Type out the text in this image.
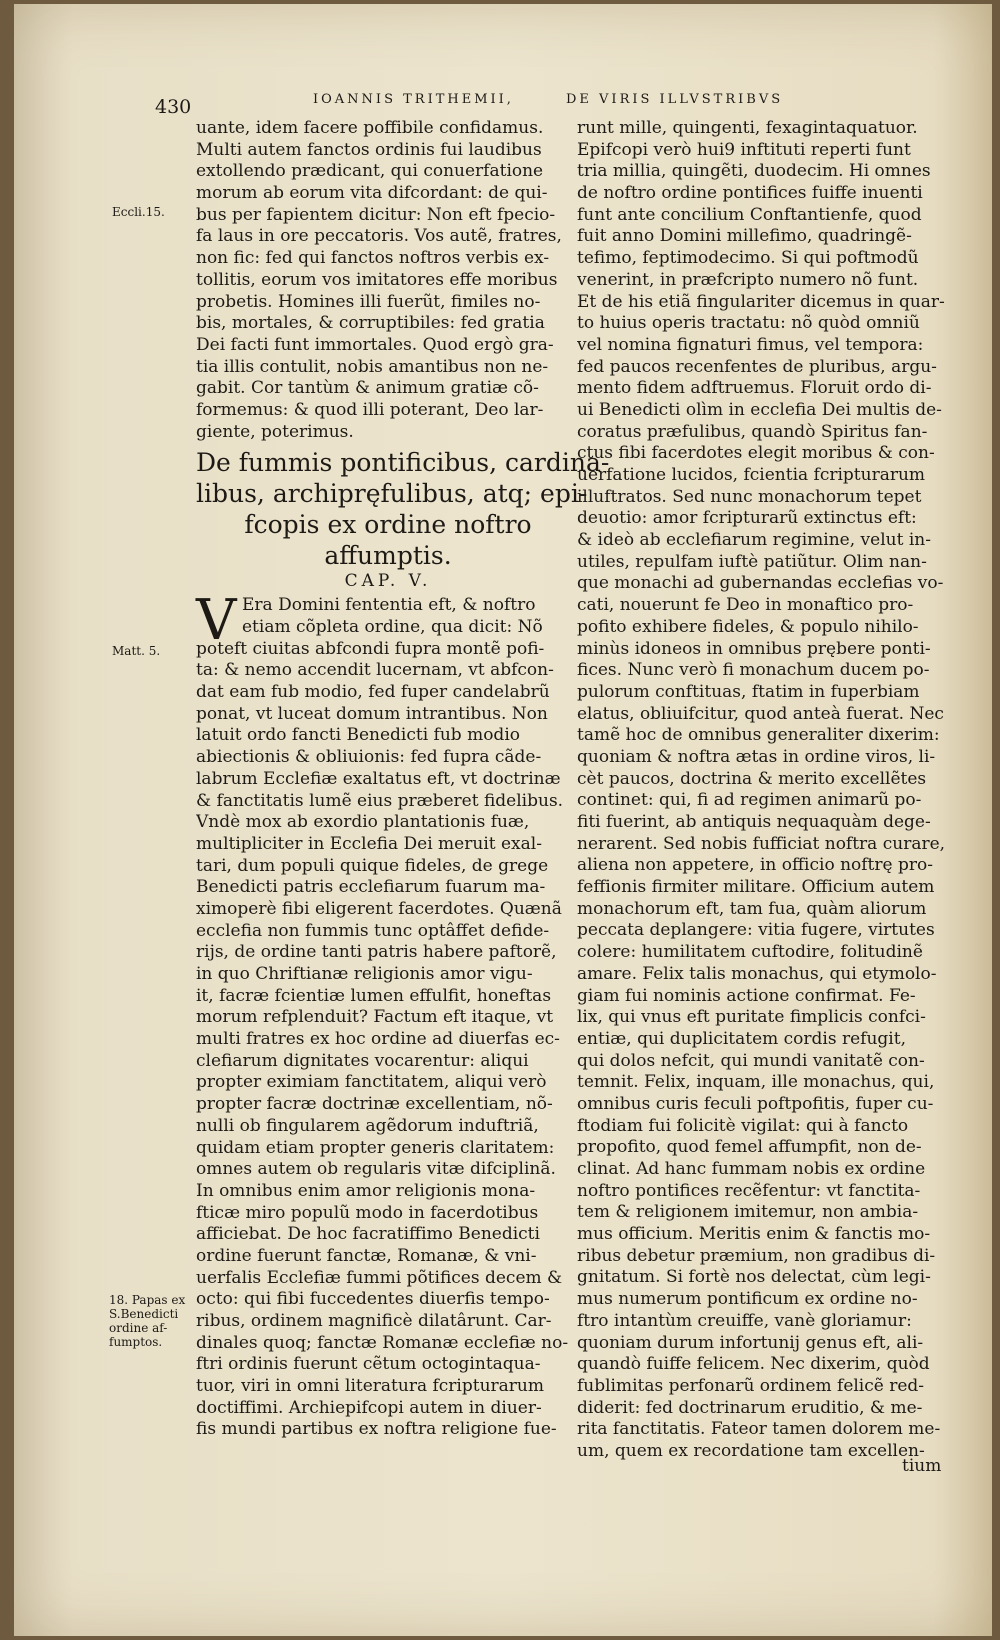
430	IOANNIS TRITHEMII,	DE VIRIS ILLVSTRIBVS
Eccli.15.
Matt. 5.
18. Papas ex
S.Benedicti
ordine af-
fumptos.
uante, idem facere poffibile confidamus.
Multi autem fanctos ordinis fui laudibus
extollendo prædicant, qui conuerfatione
morum ab eorum vita difcordant: de qui-
bus per fapientem dicitur: Non eft fpecio-
fa laus in ore peccatoris. Vos autẽ, fratres,
non fic: fed qui fanctos noftros verbis ex-
tollitis, eorum vos imitatores effe moribus
probetis. Homines illi fuerũt, fimiles no-
bis, mortales, & corruptibiles: fed gratia
Dei facti funt immortales. Quod ergò gra-
tia illis contulit, nobis amantibus non ne-
gabit. Cor tantùm & animum gratiæ cõ-
formemus: & quod illi poterant, Deo lar-
giente, poterimus.
De fummis pontificibus, cardina-
libus, archipręfulibus, atq; epi-
fcopis ex ordine noftro
affumptis.
CAP. V.
V Era Domini fententia eft, & noftro
etiam cõpleta ordine, qua dicit: Nõ
poteft ciuitas abfcondi fupra montẽ pofi-
ta: & nemo accendit lucernam, vt abfcon-
dat eam fub modio, fed fuper candelabrũ
ponat, vt luceat domum intrantibus. Non
latuit ordo fancti Benedicti fub modio
abiectionis & obliuionis: fed fupra cãde-
labrum Ecclefiæ exaltatus eft, vt doctrinæ
& fanctitatis lumẽ eius præberet fidelibus.
Vndè mox ab exordio plantationis fuæ,
multipliciter in Ecclefia Dei meruit exal-
tari, dum populi quique fideles, de grege
Benedicti patris ecclefiarum fuarum ma-
ximoperè fibi eligerent facerdotes. Quænã
ecclefia non fummis tunc optâffet defide-
rijs, de ordine tanti patris habere paftorẽ,
in quo Chriftianæ religionis amor vigu-
it, facræ fcientiæ lumen effulfit, honeftas
morum refplenduit? Factum eft itaque, vt
multi fratres ex hoc ordine ad diuerfas ec-
clefiarum dignitates vocarentur: aliqui
propter eximiam fanctitatem, aliqui verò
propter facræ doctrinæ excellentiam, nõ-
nulli ob fingularem agẽdorum induftriã,
quidam etiam propter generis claritatem:
omnes autem ob regularis vitæ difciplinã.
In omnibus enim amor religionis mona-
fticæ miro populũ modo in facerdotibus
afficiebat. De hoc facratiffimo Benedicti
ordine fuerunt fanctæ, Romanæ, & vni-
uerfalis Ecclefiæ fummi põtifices decem &
octo: qui fibi fuccedentes diuerfis tempo-
ribus, ordinem magnificè dilatârunt. Car-
dinales quoq; fanctæ Romanæ ecclefiæ no-
ftri ordinis fuerunt cẽtum octogintaqua-
tuor, viri in omni literatura fcripturarum
doctiffimi. Archiepifcopi autem in diuer-
fis mundi partibus ex noftra religione fue-
runt mille, quingenti, fexagintaquatuor.
Epifcopi verò hui9 inftituti reperti funt
tria millia, quingẽti, duodecim. Hi omnes
de noftro ordine pontifices fuiffe inuenti
funt ante concilium Conftantienfe, quod
fuit anno Domini millefimo, quadringẽ-
tefimo, feptimodecimo. Si qui poftmodũ
venerint, in præfcripto numero nõ funt.
Et de his etiã fingulariter dicemus in quar-
to huius operis tractatu: nõ quòd omniũ
vel nomina fignaturi fimus, vel tempora:
fed paucos recenfentes de pluribus, argu-
mento fidem adftruemus. Floruit ordo di-
ui Benedicti olìm in ecclefia Dei multis de-
coratus præfulibus, quandò Spiritus fan-
ctus fibi facerdotes elegit moribus & con-
uerfatione lucidos, fcientia fcripturarum
illuftratos. Sed nunc monachorum tepet
deuotio: amor fcripturarũ extinctus eft:
& ideò ab ecclefiarum regimine, velut in-
utiles, repulfam iuftè patiũtur. Olim nan-
que monachi ad gubernandas ecclefias vo-
cati, nouerunt fe Deo in monaftico pro-
pofito exhibere fideles, & populo nihilo-
minùs idoneos in omnibus prębere ponti-
fices. Nunc verò fi monachum ducem po-
pulorum conftituas, ftatim in fuperbiam
elatus, obliuifcitur, quod anteà fuerat. Nec
tamẽ hoc de omnibus generaliter dixerim:
quoniam & noftra ætas in ordine viros, li-
cèt paucos, doctrina & merito excellẽtes
continet: qui, fi ad regimen animarũ po-
fiti fuerint, ab antiquis nequaquàm dege-
nerarent. Sed nobis fufficiat noftra curare,
aliena non appetere, in officio noftrę pro-
feffionis firmiter militare. Officium autem
monachorum eft, tam fua, quàm aliorum
peccata deplangere: vitia fugere, virtutes
colere: humilitatem cuftodire, folitudinẽ
amare. Felix talis monachus, qui etymolo-
giam fui nominis actione confirmat. Fe-
lix, qui vnus eft puritate fimplicis confci-
entiæ, qui duplicitatem cordis refugit,
qui dolos nefcit, qui mundi vanitatẽ con-
temnit. Felix, inquam, ille monachus, qui,
omnibus curis feculi poftpofitis, fuper cu-
ftodiam fui folicitè vigilat: qui à fancto
propofito, quod femel affumpfit, non de-
clinat. Ad hanc fummam nobis ex ordine
noftro pontifices recẽfentur: vt fanctita-
tem & religionem imitemur, non ambia-
mus officium. Meritis enim & fanctis mo-
ribus debetur præmium, non gradibus di-
gnitatum. Si fortè nos delectat, cùm legi-
mus numerum pontificum ex ordine no-
ftro intantùm creuiffe, vanè gloriamur:
quoniam durum infortunij genus eft, ali-
quandò fuiffe felicem. Nec dixerim, quòd
fublimitas perfonarũ ordinem felicẽ red-
diderit: fed doctrinarum eruditio, & me-
rita fanctitatis. Fateor tamen dolorem me-
um, quem ex recordatione tam excellen-
tium
